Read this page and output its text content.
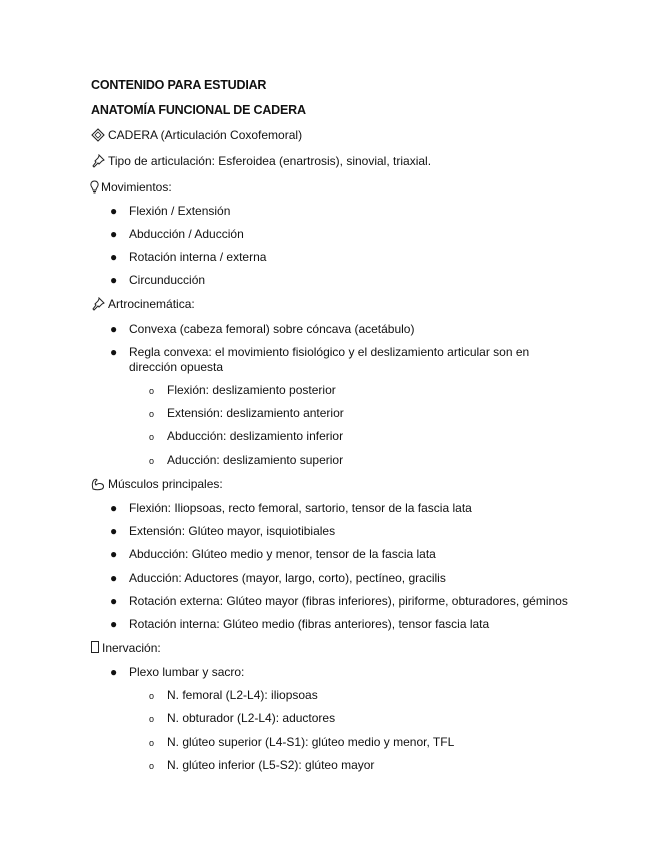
CONTENIDO PARA ESTUDIAR
ANATOMÍA FUNCIONAL DE CADERA
CADERA (Articulación Coxofemoral)
Tipo de articulación: Esferoidea (enartrosis), sinovial, triaxial.
Movimientos:
● Flexión / Extensión
● Abducción / Aducción
● Rotación interna / externa
● Circunducción
Artrocinemática:
● Convexa (cabeza femoral) sobre cóncava (acetábulo)
● Regla convexa: el movimiento fisiológico y el deslizamiento articular son en dirección opuesta
o Flexión: deslizamiento posterior
o Extensión: deslizamiento anterior
o Abducción: deslizamiento inferior
o Aducción: deslizamiento superior
Músculos principales:
● Flexión: Iliopsoas, recto femoral, sartorio, tensor de la fascia lata
● Extensión: Glúteo mayor, isquiotibiales
● Abducción: Glúteo medio y menor, tensor de la fascia lata
● Aducción: Aductores (mayor, largo, corto), pectíneo, gracilis
● Rotación externa: Glúteo mayor (fibras inferiores), piriforme, obturadores, géminos
● Rotación interna: Glúteo medio (fibras anteriores), tensor fascia lata
Inervación:
● Plexo lumbar y sacro:
o N. femoral (L2-L4): iliopsoas
o N. obturador (L2-L4): aductores
o N. glúteo superior (L4-S1): glúteo medio y menor, TFL
o N. glúteo inferior (L5-S2): glúteo mayor
